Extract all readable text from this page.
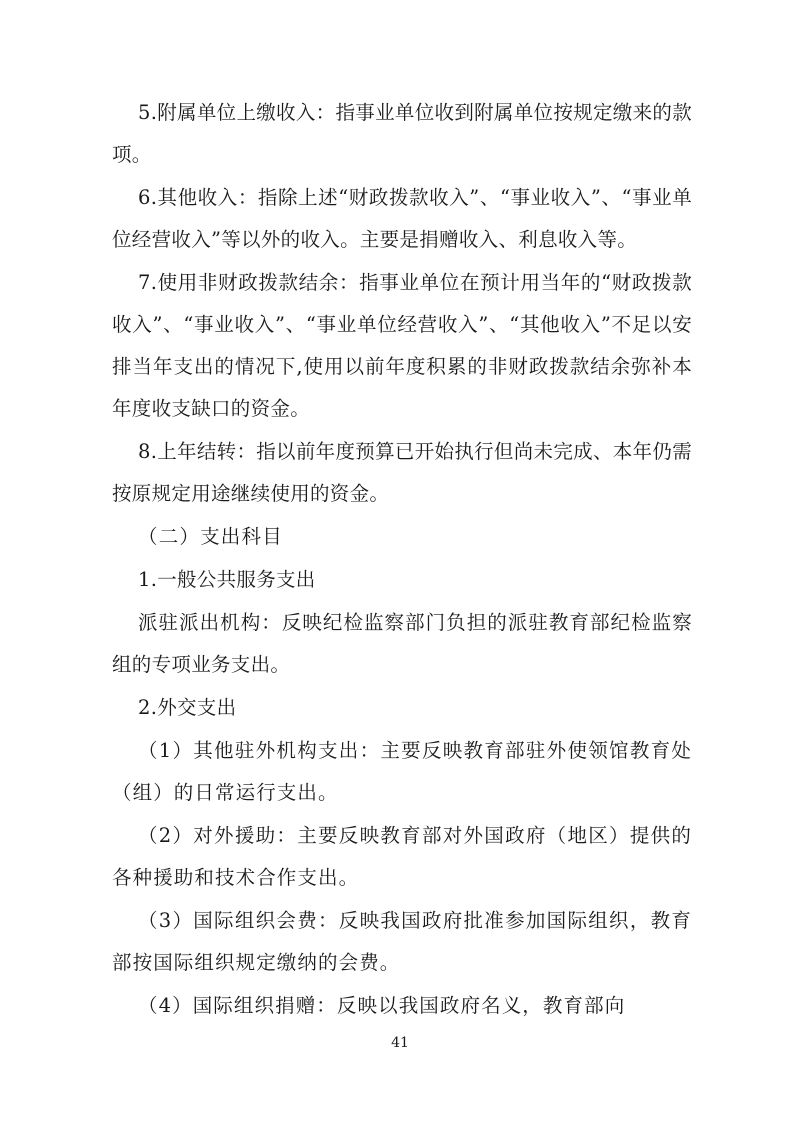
5.附属单位上缴收入：指事业单位收到附属单位按规定缴来的款项。

6.其他收入：指除上述“财政拨款收入”、“事业收入”、“事业单位经营收入”等以外的收入。主要是捐赠收入、利息收入等。

7.使用非财政拨款结余：指事业单位在预计用当年的“财政拨款收入”、“事业收入”、“事业单位经营收入”、“其他收入”不足以安排当年支出的情况下,使用以前年度积累的非财政拨款结余弥补本年度收支缺口的资金。

8.上年结转：指以前年度预算已开始执行但尚未完成、本年仍需按原规定用途继续使用的资金。

（二）支出科目

1.一般公共服务支出

派驻派出机构：反映纪检监察部门负担的派驻教育部纪检监察组的专项业务支出。

2.外交支出

（1）其他驻外机构支出：主要反映教育部驻外使领馆教育处（组）的日常运行支出。

（2）对外援助：主要反映教育部对外国政府（地区）提供的各种援助和技术合作支出。

（3）国际组织会费：反映我国政府批准参加国际组织，教育部按国际组织规定缴纳的会费。

（4）国际组织捐赠：反映以我国政府名义，教育部向

41
